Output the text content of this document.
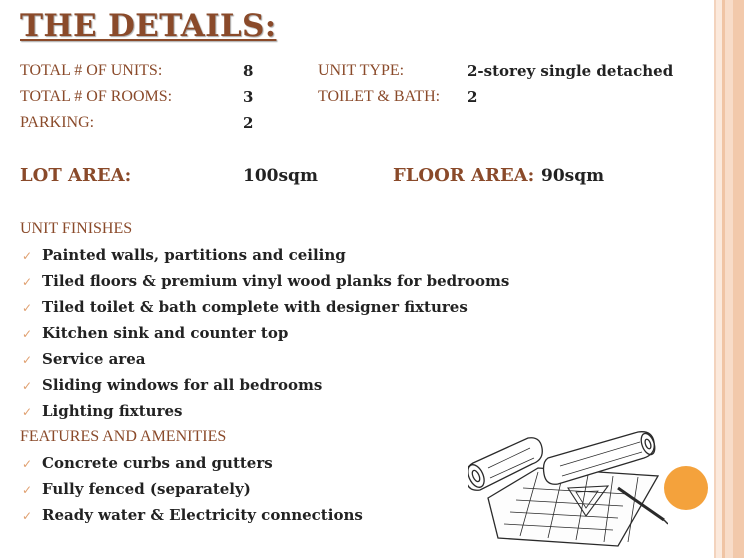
THE DETAILS:
TOTAL # OF UNITS:	8	UNIT TYPE:	2-storey single detached
TOTAL # OF ROOMS:	3	TOILET & BATH: 2
PARKING:	2
LOT AREA:	100sqm	FLOOR AREA: 90sqm
UNIT FINISHES
✓ Painted walls, partitions and ceiling
✓ Tiled floors & premium vinyl wood planks for bedrooms
✓ Tiled toilet & bath complete with designer fixtures
✓ Kitchen sink and counter top
✓ Service area
✓ Sliding windows for all bedrooms
✓ Lighting fixtures
FEATURES AND AMENITIES
✓ Concrete curbs and gutters
✓ Fully fenced (separately)
✓ Ready water & Electricity connections
